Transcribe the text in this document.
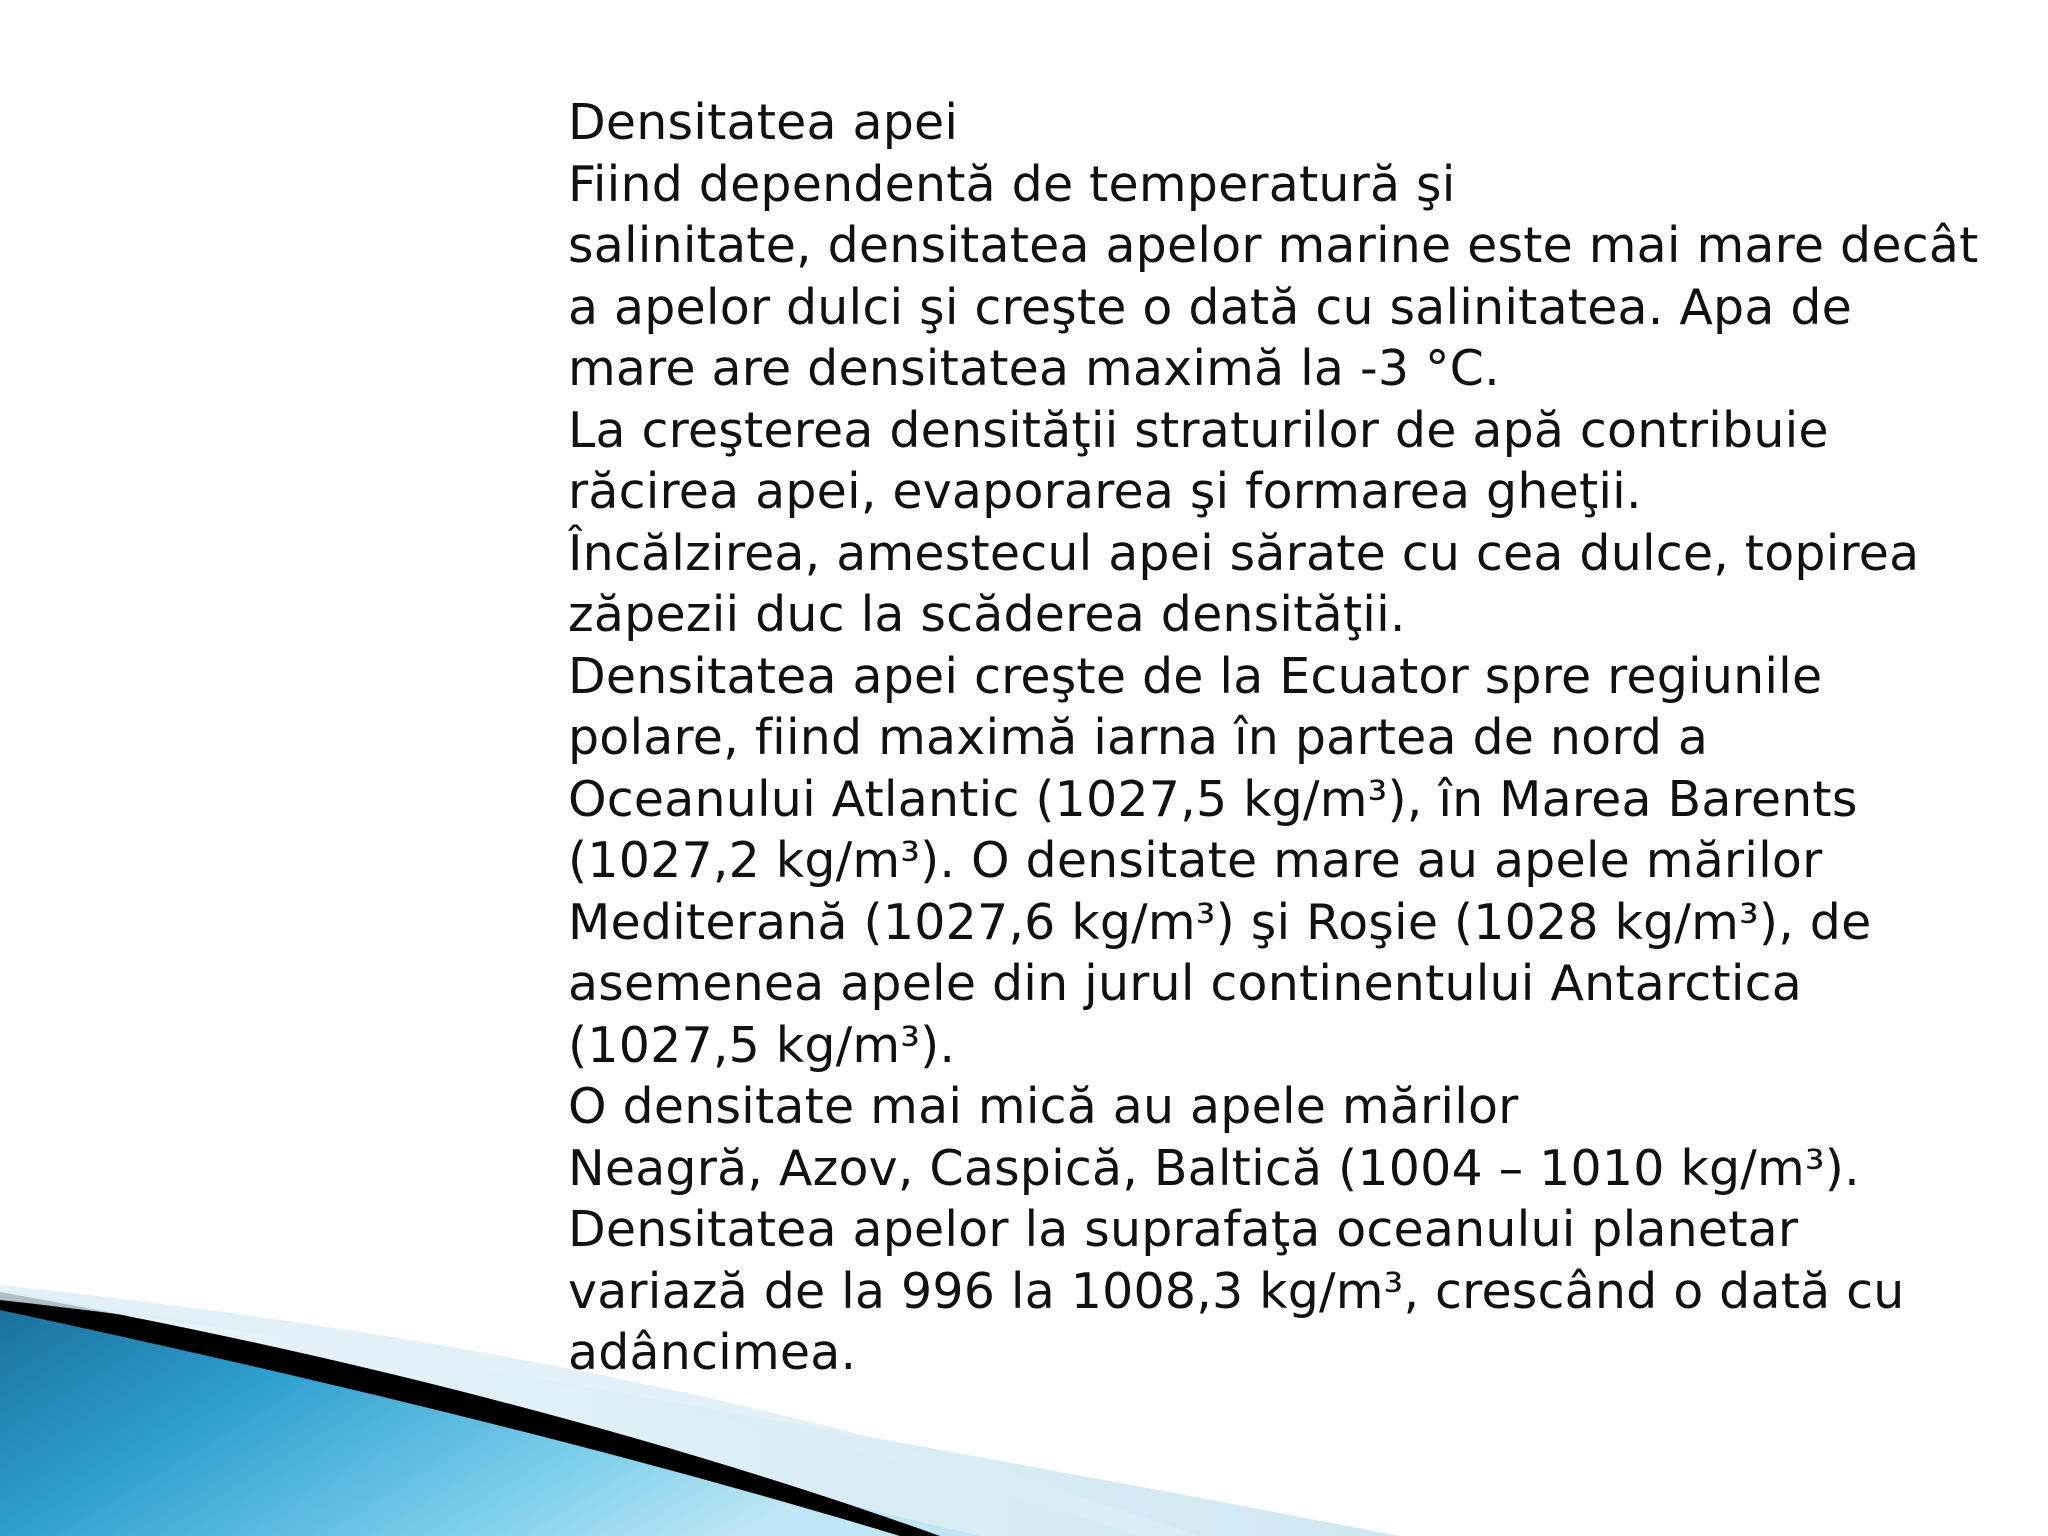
Densitatea apei
Fiind dependentă de temperatură şi
salinitate, densitatea apelor marine este mai mare decât
a apelor dulci şi creşte o dată cu salinitatea. Apa de
mare are densitatea maximă la -3 °C.
La creşterea densităţii straturilor de apă contribuie
răcirea apei, evaporarea şi formarea gheţii.
Încălzirea, amestecul apei sărate cu cea dulce, topirea
zăpezii duc la scăderea densităţii.
Densitatea apei creşte de la Ecuator spre regiunile
polare, fiind maximă iarna în partea de nord a
Oceanului Atlantic (1027,5 kg/m³), în Marea Barents
(1027,2 kg/m³). O densitate mare au apele mărilor
Mediterană (1027,6 kg/m³) şi Roşie (1028 kg/m³), de
asemenea apele din jurul continentului Antarctica
(1027,5 kg/m³).
O densitate mai mică au apele mărilor
Neagră, Azov, Caspică, Baltică (1004 – 1010 kg/m³).
Densitatea apelor la suprafaţa oceanului planetar
variază de la 996 la 1008,3 kg/m³, crescând o dată cu
adâncimea.
